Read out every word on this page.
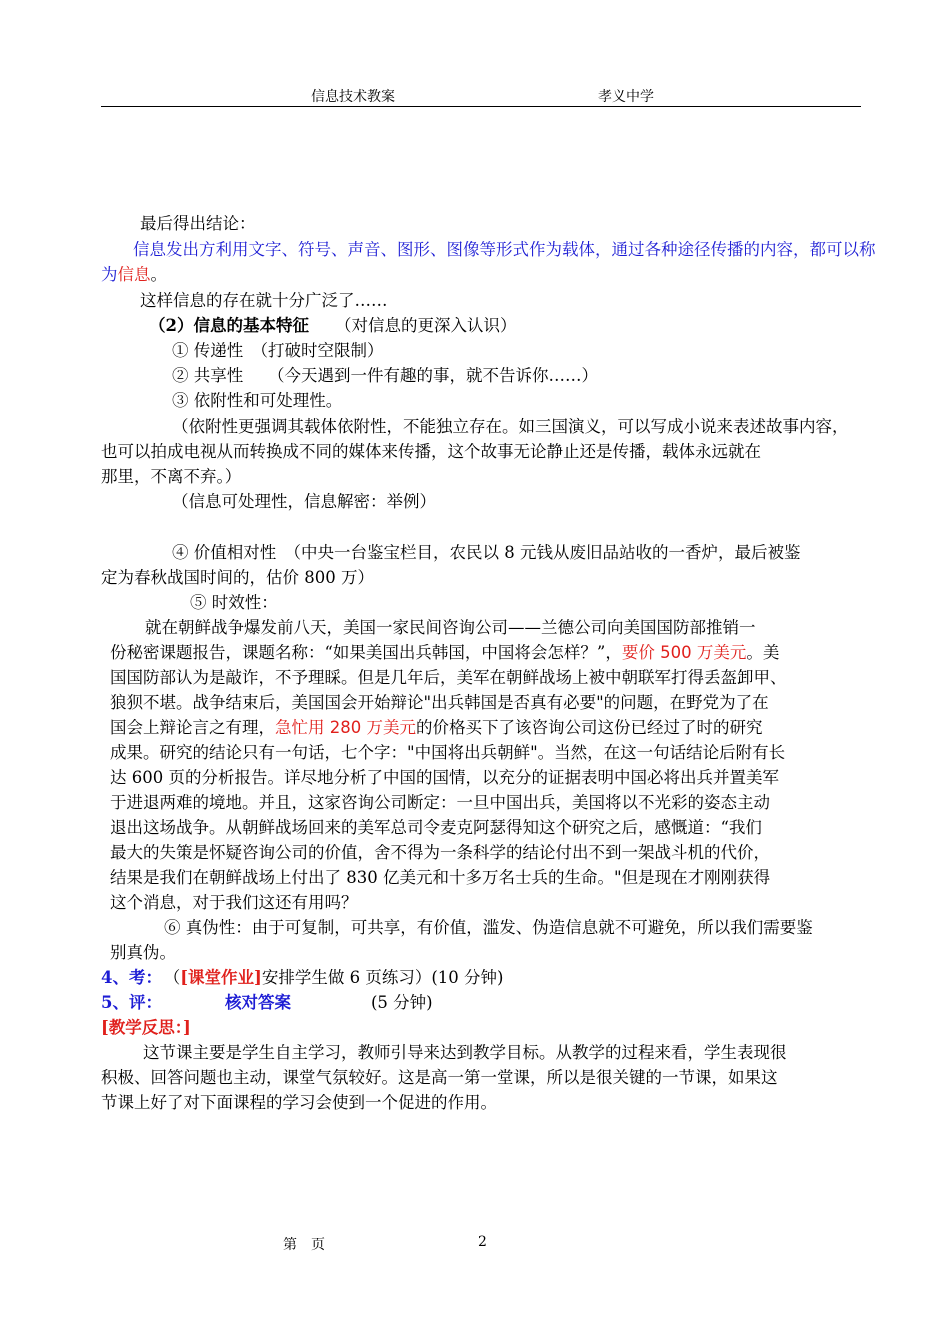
信息技术教案	孝义中学
最后得出结论：
信息发出方利用文字、符号、声音、图形、图像等形式作为载体，通过各种途径传播的内容，都可以称
为信息。
这样信息的存在就十分广泛了……
（2）信息的基本特征 （对信息的更深入认识）
① 传递性　（打破时空限制）
② 共享性　　（今天遇到一件有趣的事，就不告诉你……）
③ 依附性和可处理性。
（依附性更强调其载体依附性，不能独立存在。如三国演义，可以写成小说来表述故事内容，
也可以拍成电视从而转换成不同的媒体来传播，这个故事无论静止还是传播，载体永远就在
那里，不离不弃。）
（信息可处理性，信息解密：举例）
④ 价值相对性　（中央一台鉴宝栏目，农民以 8 元钱从废旧品站收的一香炉，最后被鉴
定为春秋战国时间的，估价 800 万）
⑤ 时效性：
就在朝鲜战争爆发前八天，美国一家民间咨询公司——兰德公司向美国国防部推销一
份秘密课题报告，课题名称：“如果美国出兵韩国，中国将会怎样？”，要价 500 万美元。美
国国防部认为是敲诈，不予理睬。但是几年后，美军在朝鲜战场上被中朝联军打得丢盔卸甲、
狼狈不堪。战争结束后，美国国会开始辩论"出兵韩国是否真有必要"的问题，在野党为了在
国会上辩论言之有理，急忙用 280 万美元的价格买下了该咨询公司这份已经过了时的研究
成果。研究的结论只有一句话，七个字："中国将出兵朝鲜"。当然，在这一句话结论后附有长
达 600 页的分析报告。详尽地分析了中国的国情，以充分的证据表明中国必将出兵并置美军
于进退两难的境地。并且，这家咨询公司断定：一旦中国出兵，美国将以不光彩的姿态主动
退出这场战争。从朝鲜战场回来的美军总司令麦克阿瑟得知这个研究之后，感慨道：“我们
最大的失策是怀疑咨询公司的价值，舍不得为一条科学的结论付出不到一架战斗机的代价，
结果是我们在朝鲜战场上付出了 830 亿美元和十多万名士兵的生命。"但是现在才刚刚获得
这个消息，对于我们这还有用吗？
⑥ 真伪性：由于可复制，可共享，有价值，滥发、伪造信息就不可避免，所以我们需要鉴
别真伪。
4、考： （[课堂作业]安排学生做 6 页练习）(10 分钟)
5、评：	核对答案	(5 分钟)
[教学反思：]
这节课主要是学生自主学习，教师引导来达到教学目标。从教学的过程来看，学生表现很
积极、回答问题也主动，课堂气氛较好。这是高一第一堂课，所以是很关键的一节课，如果这
节课上好了对下面课程的学习会使到一个促进的作用。
第　页	2
